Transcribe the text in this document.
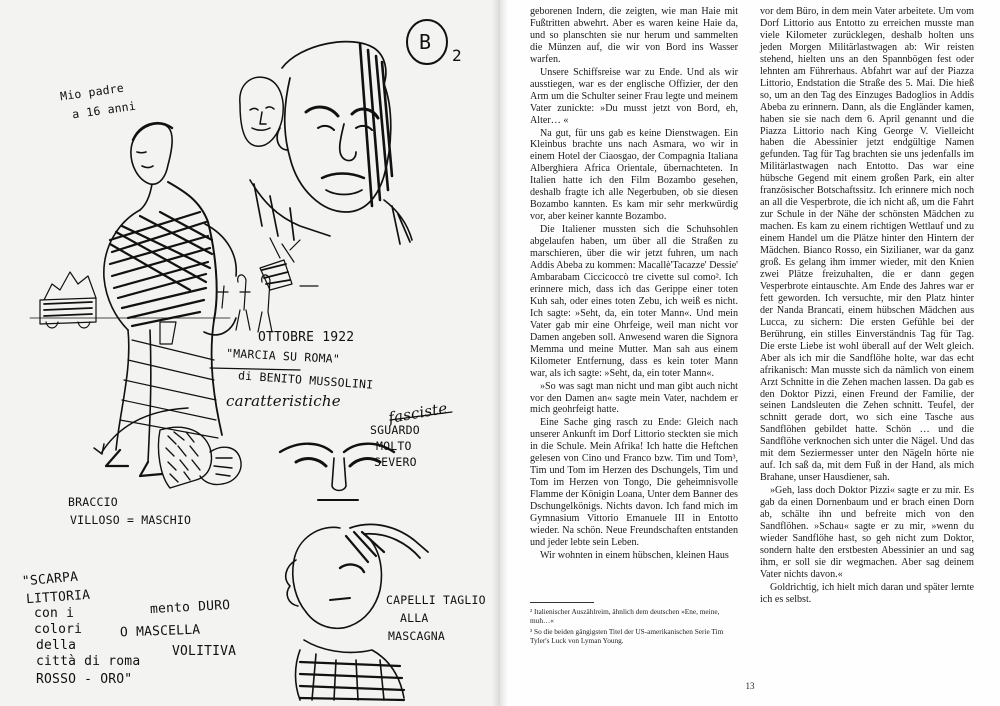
B
2
Mio padre
a 16 anni
OTTOBRE 1922
"MARCIA SU ROMA"
di BENITO MUSSOLINI
caratteristiche	fasciste
SGUARDO
MOLTO
SEVERO
BRACCIO
VILLOSO = MASCHIO
"SCARPA
LITTORIA
con i
colori
della
città di roma
ROSSO - ORO"
mento DURO
O MASCELLA
VOLITIVA
CAPELLI TAGLIO
ALLA
MASCAGNA

geborenen Indern, die zeigten, wie man Haie mit Fußtritten abwehrt. Aber es waren keine Haie da, und so planschten sie nur herum und sammelten die Münzen auf, die wir von Bord ins Wasser warfen.

Unsere Schiffsreise war zu Ende. Und als wir ausstiegen, war es der englische Offizier, der den Arm um die Schulter seiner Frau legte und meinem Vater zunickte: »Du musst jetzt von Bord, eh, Alter… «

Na gut, für uns gab es keine Dienstwagen. Ein Kleinbus brachte uns nach Asmara, wo wir in einem Hotel der Ciaosgao, der Compagnia Italiana Alberghiera Africa Orientale, übernachteten. In Italien hatte ich den Film Bozambo gesehen, deshalb fragte ich alle Negerbuben, ob sie diesen Bozambo kannten. Es kam mir sehr merkwürdig vor, aber keiner kannte Bozambo.

Die Italiener mussten sich die Schuhsohlen abgelaufen haben, um über all die Straßen zu marschieren, über die wir jetzt fuhren, um nach Addis Abeba zu kommen: Macallè'Tacazze' Dessie' Ambarabam Ciccicoccò tre civette sul como². Ich erinnere mich, dass ich das Gerippe einer toten Kuh sah, oder eines toten Zebu, ich weiß es nicht. Ich sagte: »Seht, da, ein toter Mann«. Und mein Vater gab mir eine Ohrfeige, weil man nicht vor Damen angeben soll. Anwesend waren die Signora Memma und meine Mutter. Man sah aus einem Kilometer Entfernung, dass es kein toter Mann war, als ich sagte: »Seht, da, ein toter Mann«.

»So was sagt man nicht und man gibt auch nicht vor den Damen an« sagte mein Vater, nachdem er mich geohrfeigt hatte.

Eine Sache ging rasch zu Ende: Gleich nach unserer Ankunft im Dorf Littorio steckten sie mich in die Schule. Mein Afrika! Ich hatte die Heftchen gelesen von Cino und Franco bzw. Tim und Tom³, Tim und Tom im Herzen des Dschungels, Tim und Tom im Herzen von Tongo, Die geheimnisvolle Flamme der Königin Loana, Unter dem Banner des Dschungelkönigs. Nichts davon. Ich fand mich im Gymnasium Vittorio Emanuele III in Entotto wieder. Na schön. Neue Freundschaften entstanden und jeder lebte sein Leben.

Wir wohnten in einem hübschen, kleinen Haus

² Italienischer Auszählreim, ähnlich dem deutschen »Ene, meine, muh…«
³ So die beiden gängigsten Titel der US-amerikanischen Serie Tim Tyler's Luck von Lyman Young.

vor dem Büro, in dem mein Vater arbeitete. Um vom Dorf Littorio aus Entotto zu erreichen musste man viele Kilometer zurücklegen, deshalb holten uns jeden Morgen Militärlastwagen ab: Wir reisten stehend, hielten uns an den Spannbögen fest oder lehnten am Führerhaus. Abfahrt war auf der Piazza Littorio, Endstation die Straße des 5. Mai. Die hieß so, um an den Tag des Einzuges Badoglios in Addis Abeba zu erinnern. Dann, als die Engländer kamen, haben sie sie nach dem 6. April genannt und die Piazza Littorio nach King George V. Vielleicht haben die Abessinier jetzt endgültige Namen gefunden. Tag für Tag brachten sie uns jedenfalls im Militärlastwagen nach Entotto. Das war eine hübsche Gegend mit einem großen Park, ein alter französischer Botschaftssitz. Ich erinnere mich noch an all die Vesperbrote, die ich nicht aß, um die Fahrt zur Schule in der Nähe der schönsten Mädchen zu machen. Es kam zu einem richtigen Wettlauf und zu einem Handel um die Plätze hinter den Hintern der Mädchen. Bianco Rosso, ein Sizilianer, war da ganz groß. Es gelang ihm immer wieder, mit den Knien zwei Plätze freizuhalten, die er dann gegen Vesperbrote eintauschte. Am Ende des Jahres war er fett geworden. Ich versuchte, mir den Platz hinter der Nanda Brancati, einem hübschen Mädchen aus Lucca, zu sichern: Die ersten Gefühle bei der Berührung, ein stilles Einverständnis Tag für Tag. Die erste Liebe ist wohl überall auf der Welt gleich. Aber als ich mir die Sandflöhe holte, war das echt afrikanisch: Man musste sich da nämlich von einem Arzt Schnitte in die Zehen machen lassen. Da gab es den Doktor Pizzi, einen Freund der Familie, der seinen Landsleuten die Zehen schnitt. Teufel, der schnitt gerade dort, wo sich eine Tasche aus Sandflöhen gebildet hatte. Schön … und die Sandflöhe verknochen sich unter die Nägel. Und das mit dem Seziermesser unter den Nägeln hörte nie auf. Ich saß da, mit dem Fuß in der Hand, als mich Brahane, unser Hausdiener, sah.

»Geh, lass doch Doktor Pizzi« sagte er zu mir. Es gab da einen Dornenbaum und er brach einen Dorn ab, schälte ihn und befreite mich von den Sandflöhen. »Schau« sagte er zu mir, »wenn du wieder Sandflöhe hast, so geh nicht zum Doktor, sondern halte den erstbesten Abessinier an und sag ihm, er soll sie dir wegmachen. Aber sag deinem Vater nichts davon.«

Goldrichtig, ich hielt mich daran und später lernte ich es selbst.

13
